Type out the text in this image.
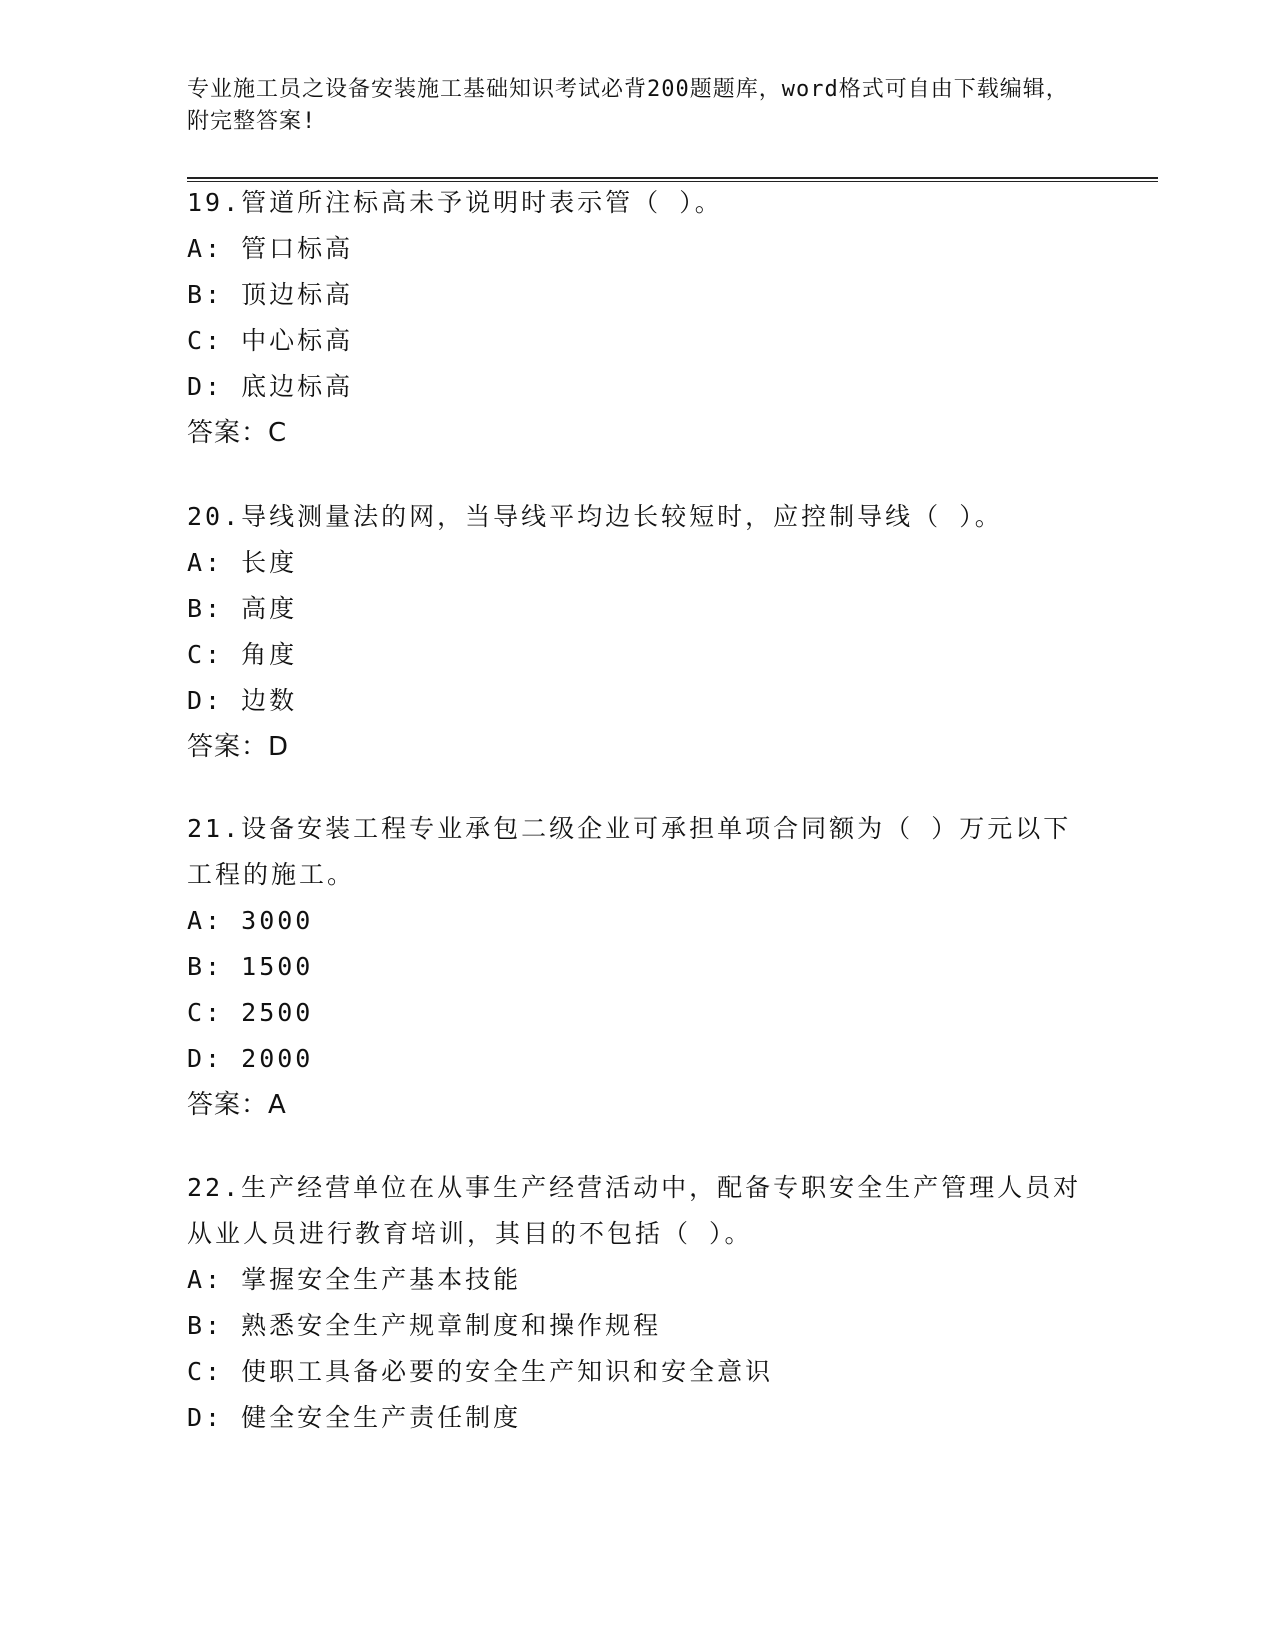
专业施工员之设备安装施工基础知识考试必背200题题库，word格式可自由下载编辑，附完整答案!
19.管道所注标高未予说明时表示管（ ）。
A: 管口标高
B: 顶边标高
C: 中心标高
D: 底边标高
答案：C
20.导线测量法的网，当导线平均边长较短时，应控制导线（ ）。
A: 长度
B: 高度
C: 角度
D: 边数
答案：D
21.设备安装工程专业承包二级企业可承担单项合同额为（ ）万元以下工程的施工。
A: 3000
B: 1500
C: 2500
D: 2000
答案：A
22.生产经营单位在从事生产经营活动中，配备专职安全生产管理人员对从业人员进行教育培训，其目的不包括（ ）。
A: 掌握安全生产基本技能
B: 熟悉安全生产规章制度和操作规程
C: 使职工具备必要的安全生产知识和安全意识
D: 健全安全生产责任制度
